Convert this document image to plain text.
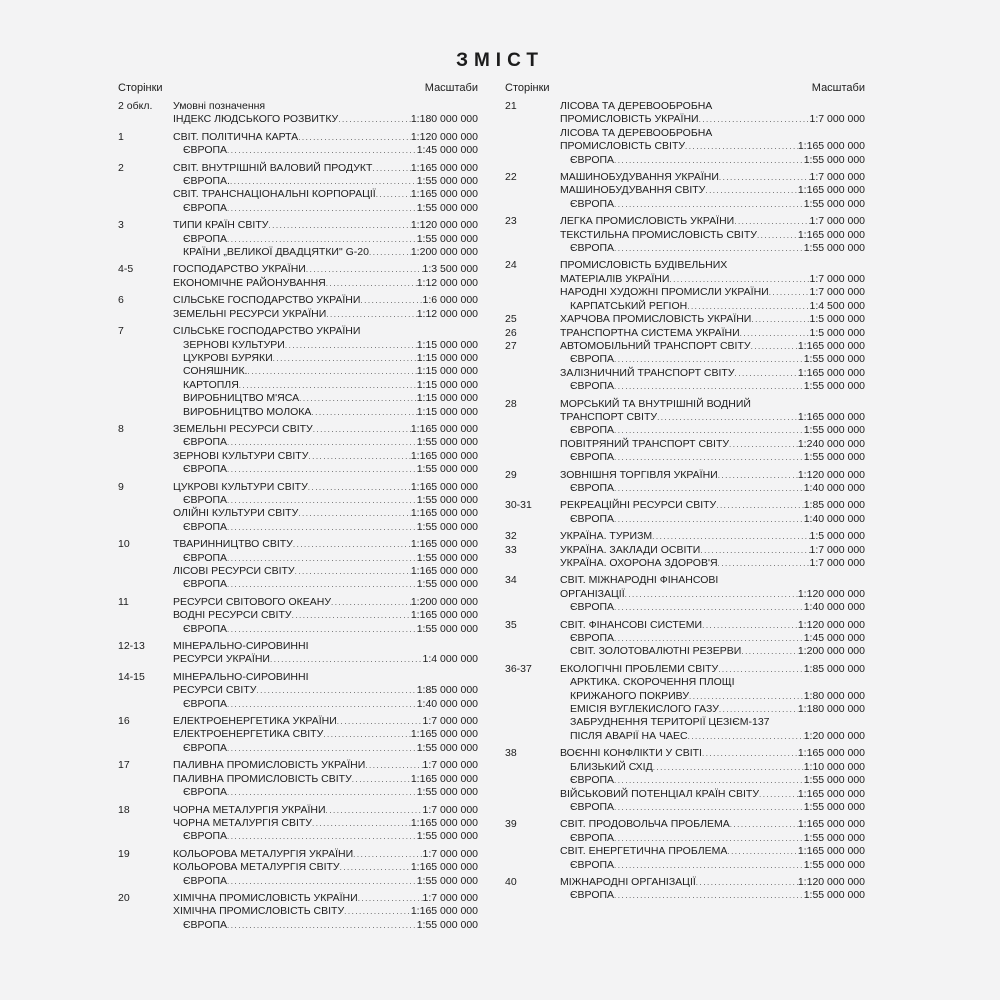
ЗМІСТ
Сторінки	Масштаби
2 обкл.	Умовні позначення
ІНДЕКС ЛЮДСЬКОГО РОЗВИТКУ .....	1:180 000 000
1	СВІТ. ПОЛІТИЧНА КАРТА .....	1:120 000 000
ЄВРОПА .....	1:45 000 000
2	СВІТ. ВНУТРІШНІЙ ВАЛОВИЙ ПРОДУКТ .....	1:165 000 000
ЄВРОПА. .....	1:55 000 000
СВІТ. ТРАНСНАЦІОНАЛЬНІ КОРПОРАЦІЇ .....	1:165 000 000
ЄВРОПА .....	1:55 000 000
3	ТИПИ КРАЇН СВІТУ .....	1:120 000 000
ЄВРОПА .....	1:55 000 000
КРАЇНИ „ВЕЛИКОЇ ДВАДЦЯТКИ" G-20 .....	1:200 000 000
4-5	ГОСПОДАРСТВО УКРАЇНИ .....	1:3 500 000
ЕКОНОМІЧНЕ РАЙОНУВАННЯ .....	1:12 000 000
6	СІЛЬСЬКЕ ГОСПОДАРСТВО УКРАЇНИ .....	1:6 000 000
ЗЕМЕЛЬНІ РЕСУРСИ УКРАЇНИ .....	1:12 000 000
7	СІЛЬСЬКЕ ГОСПОДАРСТВО УКРАЇНИ
ЗЕРНОВІ КУЛЬТУРИ .....	1:15 000 000
ЦУКРОВІ БУРЯКИ .....	1:15 000 000
СОНЯШНИК. .....	1:15 000 000
КАРТОПЛЯ .....	1:15 000 000
ВИРОБНИЦТВО М'ЯСА .....	1:15 000 000
ВИРОБНИЦТВО МОЛОКА .....	1:15 000 000
8	ЗЕМЕЛЬНІ РЕСУРСИ СВІТУ .....	1:165 000 000
ЄВРОПА .....	1:55 000 000
ЗЕРНОВІ КУЛЬТУРИ СВІТУ .....	1:165 000 000
ЄВРОПА .....	1:55 000 000
9	ЦУКРОВІ КУЛЬТУРИ СВІТУ .....	1:165 000 000
ЄВРОПА .....	1:55 000 000
ОЛІЙНІ КУЛЬТУРИ СВІТУ .....	1:165 000 000
ЄВРОПА .....	1:55 000 000
10	ТВАРИННИЦТВО СВІТУ .....	1:165 000 000
ЄВРОПА .....	1:55 000 000
ЛІСОВІ РЕСУРСИ СВІТУ .....	1:165 000 000
ЄВРОПА .....	1:55 000 000
11	РЕСУРСИ СВІТОВОГО ОКЕАНУ .....	1:200 000 000
ВОДНІ РЕСУРСИ СВІТУ .....	1:165 000 000
ЄВРОПА .....	1:55 000 000
12-13	МІНЕРАЛЬНО-СИРОВИННІ
РЕСУРСИ УКРАЇНИ .....	1:4 000 000
14-15	МІНЕРАЛЬНО-СИРОВИННІ
РЕСУРСИ СВІТУ .....	1:85 000 000
ЄВРОПА .....	1:40 000 000
16	ЕЛЕКТРОЕНЕРГЕТИКА УКРАЇНИ .....	1:7 000 000
ЕЛЕКТРОЕНЕРГЕТИКА СВІТУ .....	1:165 000 000
ЄВРОПА .....	1:55 000 000
17	ПАЛИВНА ПРОМИСЛОВІСТЬ УКРАЇНИ .....	1:7 000 000
ПАЛИВНА ПРОМИСЛОВІСТЬ СВІТУ .....	1:165 000 000
ЄВРОПА .....	1:55 000 000
18	ЧОРНА МЕТАЛУРГІЯ УКРАЇНИ .....	1:7 000 000
ЧОРНА МЕТАЛУРГІЯ СВІТУ .....	1:165 000 000
ЄВРОПА .....	1:55 000 000
19	КОЛЬОРОВА МЕТАЛУРГІЯ УКРАЇНИ .....	1:7 000 000
КОЛЬОРОВА МЕТАЛУРГІЯ СВІТУ .....	1:165 000 000
ЄВРОПА .....	1:55 000 000
20	ХІМІЧНА ПРОМИСЛОВІСТЬ УКРАЇНИ .....	1:7 000 000
ХІМІЧНА ПРОМИСЛОВІСТЬ СВІТУ .....	1:165 000 000
ЄВРОПА .....	1:55 000 000
Сторінки	Масштаби
21	ЛІСОВА ТА ДЕРЕВООБРОБНА
ПРОМИСЛОВІСТЬ УКРАЇНИ .....	1:7 000 000
ЛІСОВА ТА ДЕРЕВООБРОБНА
ПРОМИСЛОВІСТЬ СВІТУ .....	1:165 000 000
ЄВРОПА .....	1:55 000 000
22	МАШИНОБУДУВАННЯ УКРАЇНИ .....	1:7 000 000
МАШИНОБУДУВАННЯ СВІТУ .....	1:165 000 000
ЄВРОПА .....	1:55 000 000
23	ЛЕГКА ПРОМИСЛОВІСТЬ УКРАЇНИ .....	1:7 000 000
ТЕКСТИЛЬНА ПРОМИСЛОВІСТЬ СВІТУ .....	1:165 000 000
ЄВРОПА .....	1:55 000 000
24	ПРОМИСЛОВІСТЬ БУДІВЕЛЬНИХ
МАТЕРІАЛІВ УКРАЇНИ .....	1:7 000 000
НАРОДНІ ХУДОЖНІ ПРОМИСЛИ УКРАЇНИ .....	1:7 000 000
КАРПАТСЬКИЙ РЕГІОН .....	1:4 500 000
25	ХАРЧОВА ПРОМИСЛОВІСТЬ УКРАЇНИ .....	1:5 000 000
26	ТРАНСПОРТНА СИСТЕМА УКРАЇНИ .....	1:5 000 000
27	АВТОМОБІЛЬНИЙ ТРАНСПОРТ СВІТУ .....	1:165 000 000
ЄВРОПА .....	1:55 000 000
ЗАЛІЗНИЧНИЙ ТРАНСПОРТ СВІТУ .....	1:165 000 000
ЄВРОПА .....	1:55 000 000
28	МОРСЬКИЙ ТА ВНУТРІШНІЙ ВОДНИЙ
ТРАНСПОРТ СВІТУ .....	1:165 000 000
ЄВРОПА .....	1:55 000 000
ПОВІТРЯНИЙ ТРАНСПОРТ СВІТУ .....	1:240 000 000
ЄВРОПА .....	1:55 000 000
29	ЗОВНІШНЯ ТОРГІВЛЯ УКРАЇНИ .....	1:120 000 000
ЄВРОПА .....	1:40 000 000
30-31	РЕКРЕАЦІЙНІ РЕСУРСИ СВІТУ .....	1:85 000 000
ЄВРОПА .....	1:40 000 000
32	УКРАЇНА. ТУРИЗМ .....	1:5 000 000
33	УКРАЇНА. ЗАКЛАДИ ОСВІТИ .....	1:7 000 000
УКРАЇНА. ОХОРОНА ЗДОРОВ'Я .....	1:7 000 000
34	СВІТ. МІЖНАРОДНІ ФІНАНСОВІ
ОРГАНІЗАЦІЇ .....	1:120 000 000
ЄВРОПА .....	1:40 000 000
35	СВІТ. ФІНАНСОВІ СИСТЕМИ .....	1:120 000 000
ЄВРОПА .....	1:45 000 000
СВІТ. ЗОЛОТОВАЛЮТНІ РЕЗЕРВИ .....	1:200 000 000
36-37	ЕКОЛОГІЧНІ ПРОБЛЕМИ СВІТУ .....	1:85 000 000
АРКТИКА. СКОРОЧЕННЯ ПЛОЩІ
КРИЖАНОГО ПОКРИВУ .....	1:80 000 000
ЕМІСІЯ ВУГЛЕКИСЛОГО ГАЗУ .....	1:180 000 000
ЗАБРУДНЕННЯ ТЕРИТОРІЇ ЦЕЗІЄМ-137
ПІСЛЯ АВАРІЇ НА ЧАЕС .....	1:20 000 000
38	ВОЄННІ КОНФЛІКТИ У СВІТІ .....	1:165 000 000
БЛИЗЬКИЙ СХІД .....	1:10 000 000
ЄВРОПА .....	1:55 000 000
ВІЙСЬКОВИЙ ПОТЕНЦІАЛ КРАЇН СВІТУ .....	1:165 000 000
ЄВРОПА .....	1:55 000 000
39	СВІТ. ПРОДОВОЛЬЧА ПРОБЛЕМА .....	1:165 000 000
ЄВРОПА .....	1:55 000 000
СВІТ. ЕНЕРГЕТИЧНА ПРОБЛЕМА .....	1:165 000 000
ЄВРОПА .....	1:55 000 000
40	МІЖНАРОДНІ ОРГАНІЗАЦІЇ .....	1:120 000 000
ЄВРОПА .....	1:55 000 000
